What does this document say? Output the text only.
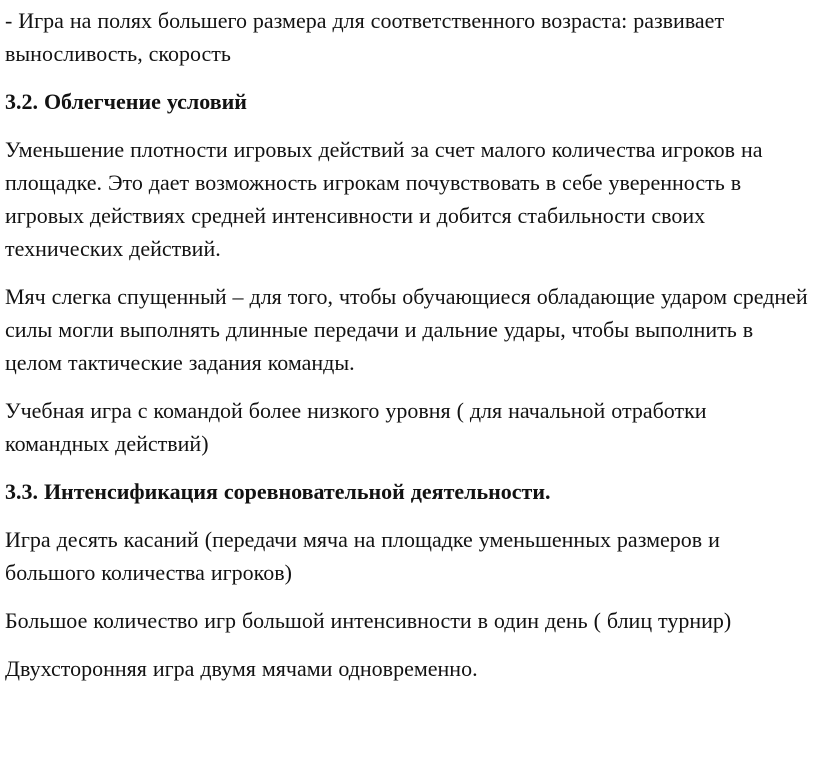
- Игра на полях большего размера для соответственного возраста: развивает выносливость, скорость

3.2. Облегчение условий

Уменьшение плотности игровых действий за счет малого количества игроков на площадке. Это дает возможность игрокам почувствовать в себе уверенность в игровых действиях средней интенсивности и добится стабильности своих технических действий.

Мяч слегка спущенный – для того, чтобы обучающиеся обладающие ударом средней силы могли выполнять длинные передачи и дальние удары, чтобы выполнить в целом тактические задания команды.

Учебная игра с командой более низкого уровня ( для начальной отработки командных действий)

3.3. Интенсификация соревновательной деятельности.

Игра десять касаний (передачи мяча на площадке уменьшенных размеров и большого количества игроков)

Большое количество игр большой интенсивности в один день ( блиц турнир)

Двухсторонняя игра двумя мячами одновременно.
